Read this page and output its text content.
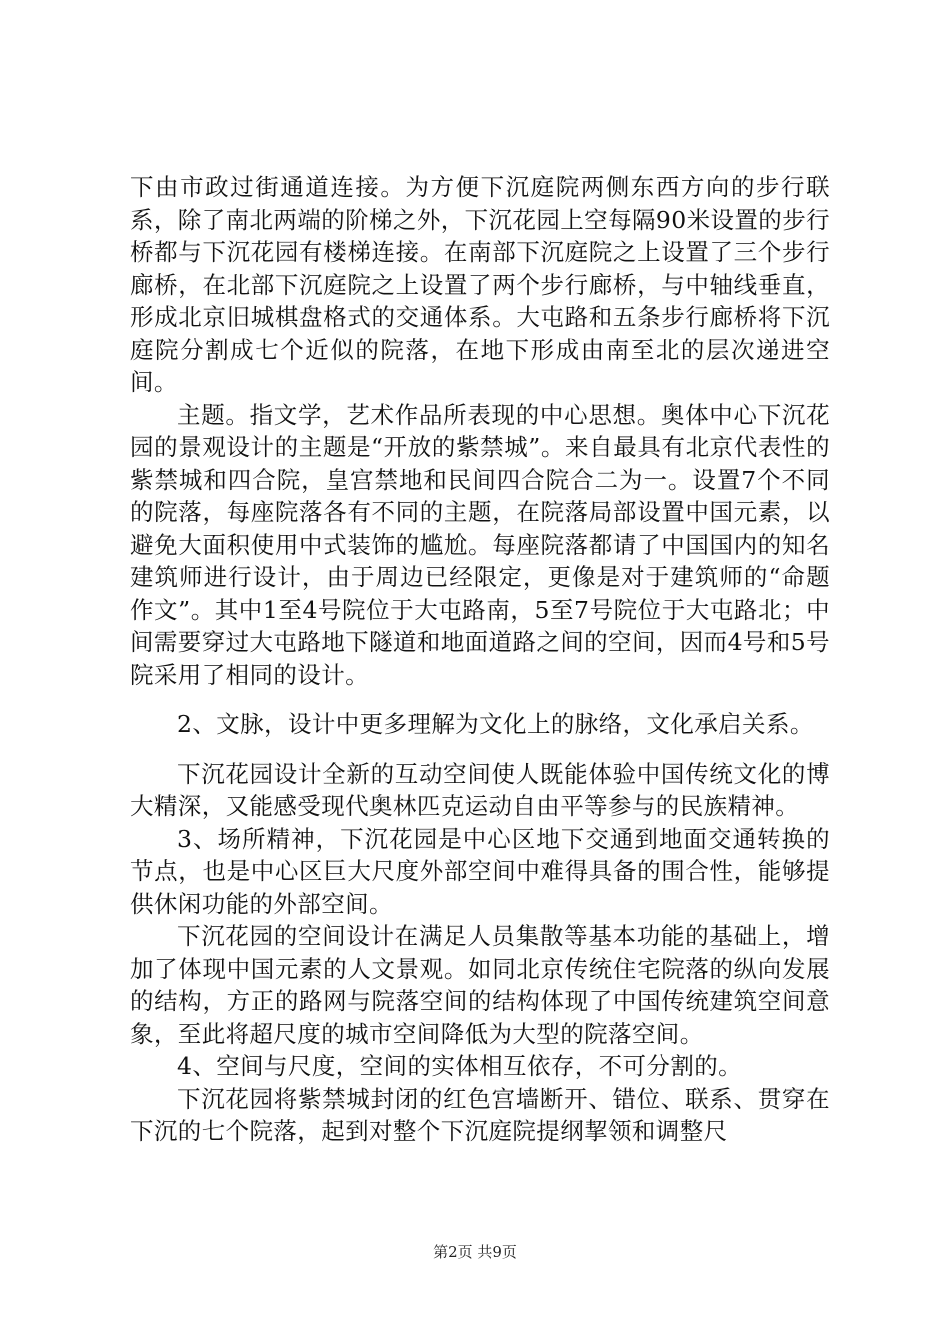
下由市政过街通道连接。为方便下沉庭院两侧东西方向的步行联系，除了南北两端的阶梯之外，下沉花园上空每隔90米设置的步行桥都与下沉花园有楼梯连接。在南部下沉庭院之上设置了三个步行廊桥，在北部下沉庭院之上设置了两个步行廊桥，与中轴线垂直，形成北京旧城棋盘格式的交通体系。大屯路和五条步行廊桥将下沉庭院分割成七个近似的院落，在地下形成由南至北的层次递进空间。

主题。指文学，艺术作品所表现的中心思想。奥体中心下沉花园的景观设计的主题是“开放的紫禁城”。来自最具有北京代表性的紫禁城和四合院，皇宫禁地和民间四合院合二为一。设置7个不同的院落，每座院落各有不同的主题，在院落局部设置中国元素，以避免大面积使用中式装饰的尴尬。每座院落都请了中国国内的知名建筑师进行设计，由于周边已经限定，更像是对于建筑师的“命题作文”。其中1至4号院位于大屯路南，5至7号院位于大屯路北；中间需要穿过大屯路地下隧道和地面道路之间的空间，因而4号和5号院采用了相同的设计。

2、文脉，设计中更多理解为文化上的脉络，文化承启关系。

下沉花园设计全新的互动空间使人既能体验中国传统文化的博大精深，又能感受现代奥林匹克运动自由平等参与的民族精神。

3、场所精神，下沉花园是中心区地下交通到地面交通转换的节点，也是中心区巨大尺度外部空间中难得具备的围合性，能够提供休闲功能的外部空间。

下沉花园的空间设计在满足人员集散等基本功能的基础上，增加了体现中国元素的人文景观。如同北京传统住宅院落的纵向发展的结构，方正的路网与院落空间的结构体现了中国传统建筑空间意象，至此将超尺度的城市空间降低为大型的院落空间。

4、空间与尺度，空间的实体相互依存，不可分割的。

下沉花园将紫禁城封闭的红色宫墙断开、错位、联系、贯穿在下沉的七个院落，起到对整个下沉庭院提纲挈领和调整尺

第2页 共9页
